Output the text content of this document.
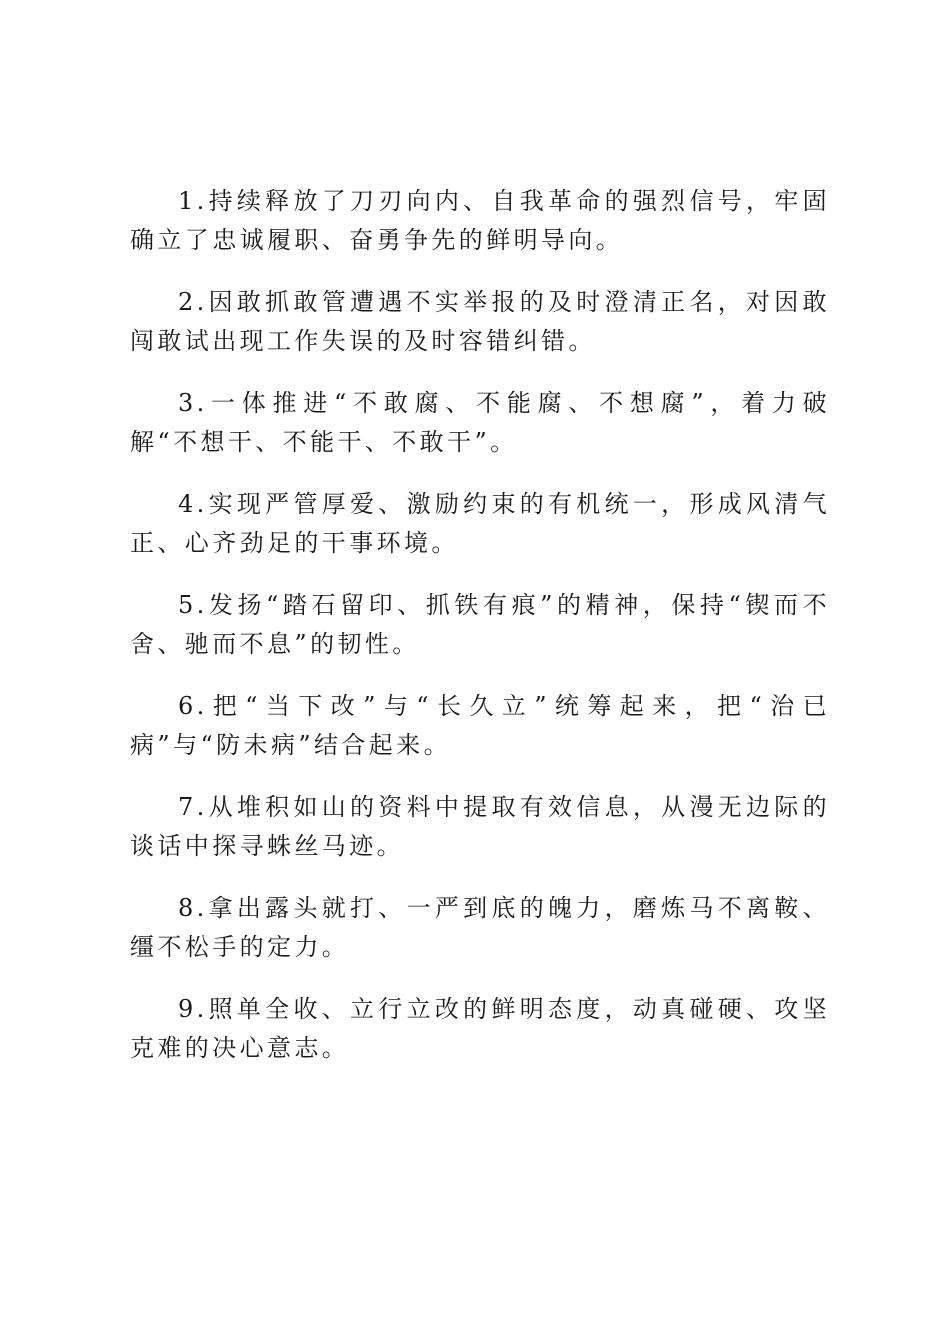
1.持续释放了刀刃向内、自我革命的强烈信号，牢固确立了忠诚履职、奋勇争先的鲜明导向。

2.因敢抓敢管遭遇不实举报的及时澄清正名，对因敢闯敢试出现工作失误的及时容错纠错。

3.一体推进“不敢腐、不能腐、不想腐”，着力破解“不想干、不能干、不敢干”。

4.实现严管厚爱、激励约束的有机统一，形成风清气正、心齐劲足的干事环境。

5.发扬“踏石留印、抓铁有痕”的精神，保持“锲而不舍、驰而不息”的韧性。

6.把“当下改”与“长久立”统筹起来，把“治已病”与“防未病”结合起来。

7.从堆积如山的资料中提取有效信息，从漫无边际的谈话中探寻蛛丝马迹。

8.拿出露头就打、一严到底的魄力，磨炼马不离鞍、缰不松手的定力。

9.照单全收、立行立改的鲜明态度，动真碰硬、攻坚克难的决心意志。
